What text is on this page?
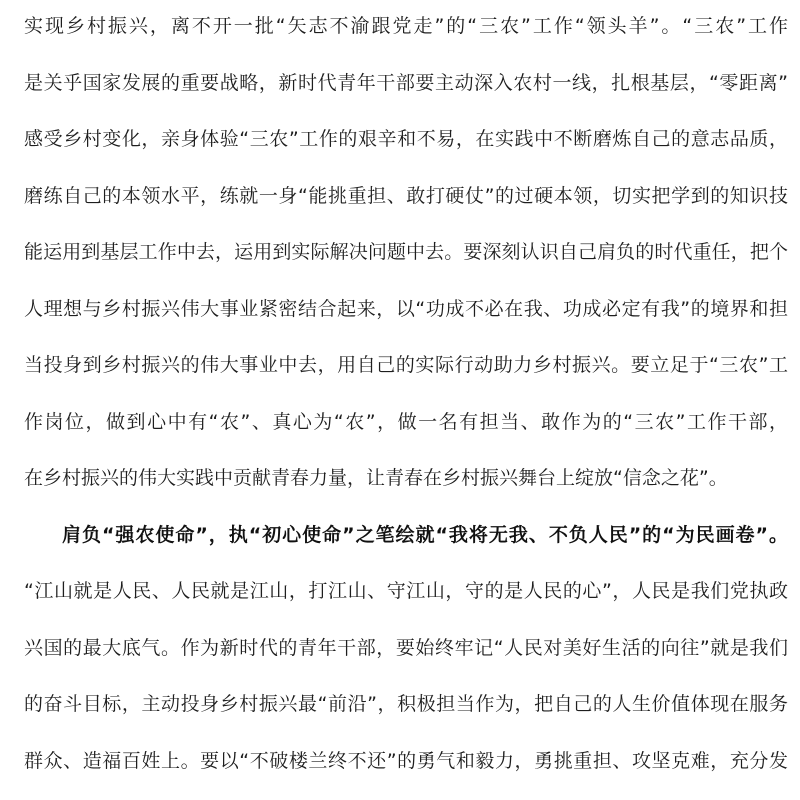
实现乡村振兴，离不开一批“矢志不渝跟党走”的“三农”工作“领头羊”。“三农”工作
是关乎国家发展的重要战略，新时代青年干部要主动深入农村一线，扎根基层，“零距离”
感受乡村变化，亲身体验“三农”工作的艰辛和不易，在实践中不断磨炼自己的意志品质，
磨练自己的本领水平，练就一身“能挑重担、敢打硬仗”的过硬本领，切实把学到的知识技
能运用到基层工作中去，运用到实际解决问题中去。要深刻认识自己肩负的时代重任，把个
人理想与乡村振兴伟大事业紧密结合起来，以“功成不必在我、功成必定有我”的境界和担
当投身到乡村振兴的伟大事业中去，用自己的实际行动助力乡村振兴。要立足于“三农”工
作岗位，做到心中有“农”、真心为“农”，做一名有担当、敢作为的“三农”工作干部，
在乡村振兴的伟大实践中贡献青春力量，让青春在乡村振兴舞台上绽放“信念之花”。
肩负“强农使命”，执“初心使命”之笔绘就“我将无我、不负人民”的“为民画卷”。
“江山就是人民、人民就是江山，打江山、守江山，守的是人民的心”，人民是我们党执政
兴国的最大底气。作为新时代的青年干部，要始终牢记“人民对美好生活的向往”就是我们
的奋斗目标，主动投身乡村振兴最“前沿”，积极担当作为，把自己的人生价值体现在服务
群众、造福百姓上。要以“不破楼兰终不还”的勇气和毅力，勇挑重担、攻坚克难，充分发
